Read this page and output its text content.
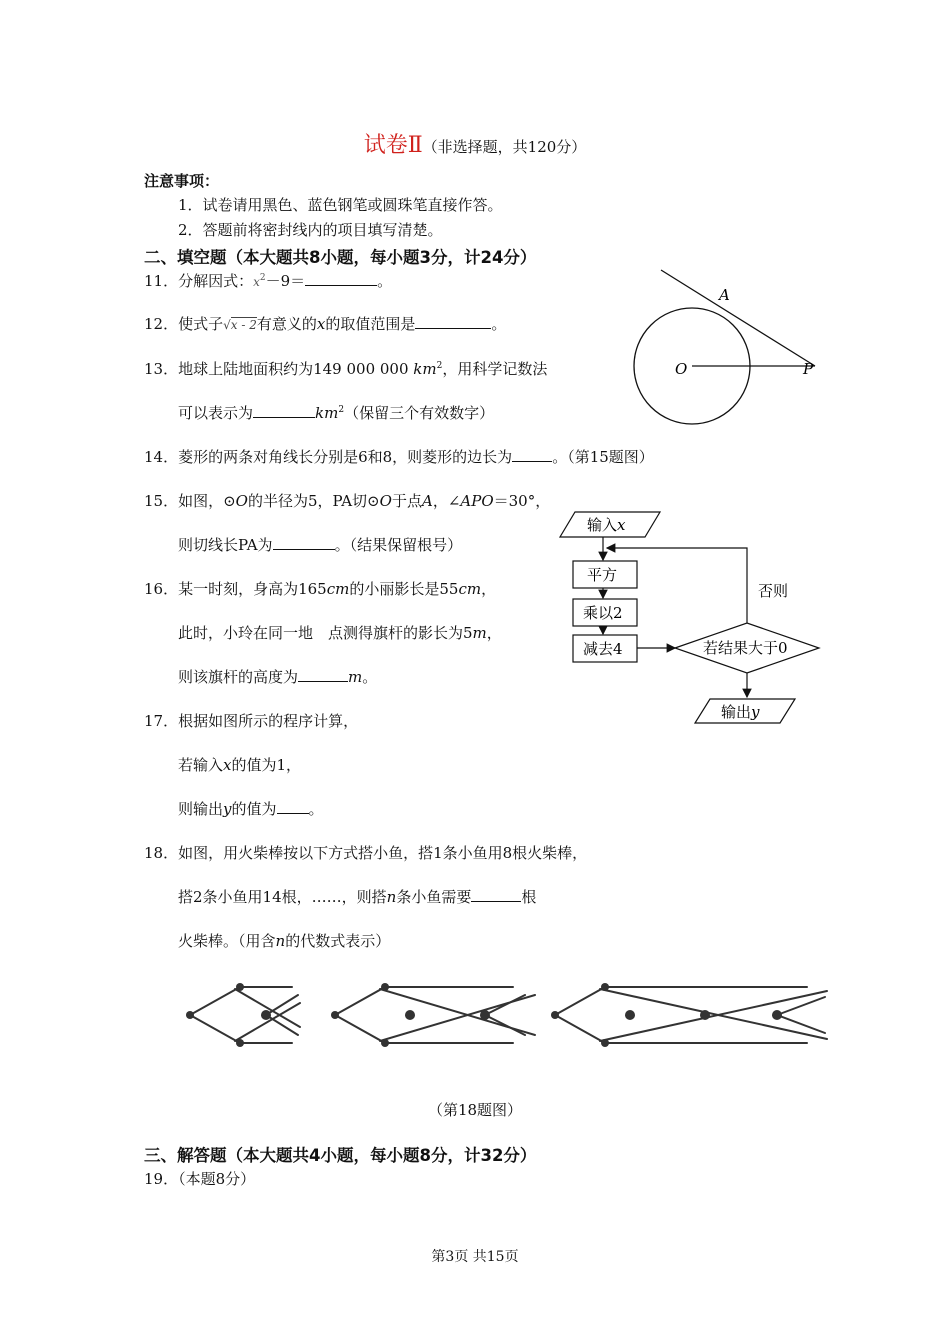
试卷Ⅱ（非选择题，共120分）
注意事项：
1．试卷请用黑色、蓝色钢笔或圆珠笔直接作答。
2．答题前将密封线内的项目填写清楚。
二、填空题（本大题共8小题，每小题3分，计24分）
11．分解因式：$x^2-9=$	。
12．使式子√x - 2有意义的x的取值范围是	。
13．地球上陆地面积约为149 000 000 $km^2$，用科学记数法
可以表示为	$km^2$（保留三个有效数字）
14．菱形的两条对角线长分别是6和8，则菱形的边长为	。（第15题图）
15．如图，⊙O的半径为5，PA切⊙O于点A，∠APO＝30°，
则切线长PA为	。（结果保留根号）
16．某一时刻，身高为165cm的小丽影长是55cm，
此时，小玲在同一地　点测得旗杆的影长为5m，
则该旗杆的高度为	m。
17．根据如图所示的程序计算，
若输入x的值为1，
则输出y的值为 。
18．如图，用火柴棒按以下方式搭小鱼，搭1条小鱼用8根火柴棒，
搭2条小鱼用14根，……，则搭n条小鱼需要	根
火柴棒。（用含n的代数式表示）
（第18题图）
三、解答题（本大题共4小题，每小题8分，计32分）
19．（本题8分）
第3页 共15页
A
O	P
输入x
平方
乘以2
减去4	若结果大于0
否则
输出y
